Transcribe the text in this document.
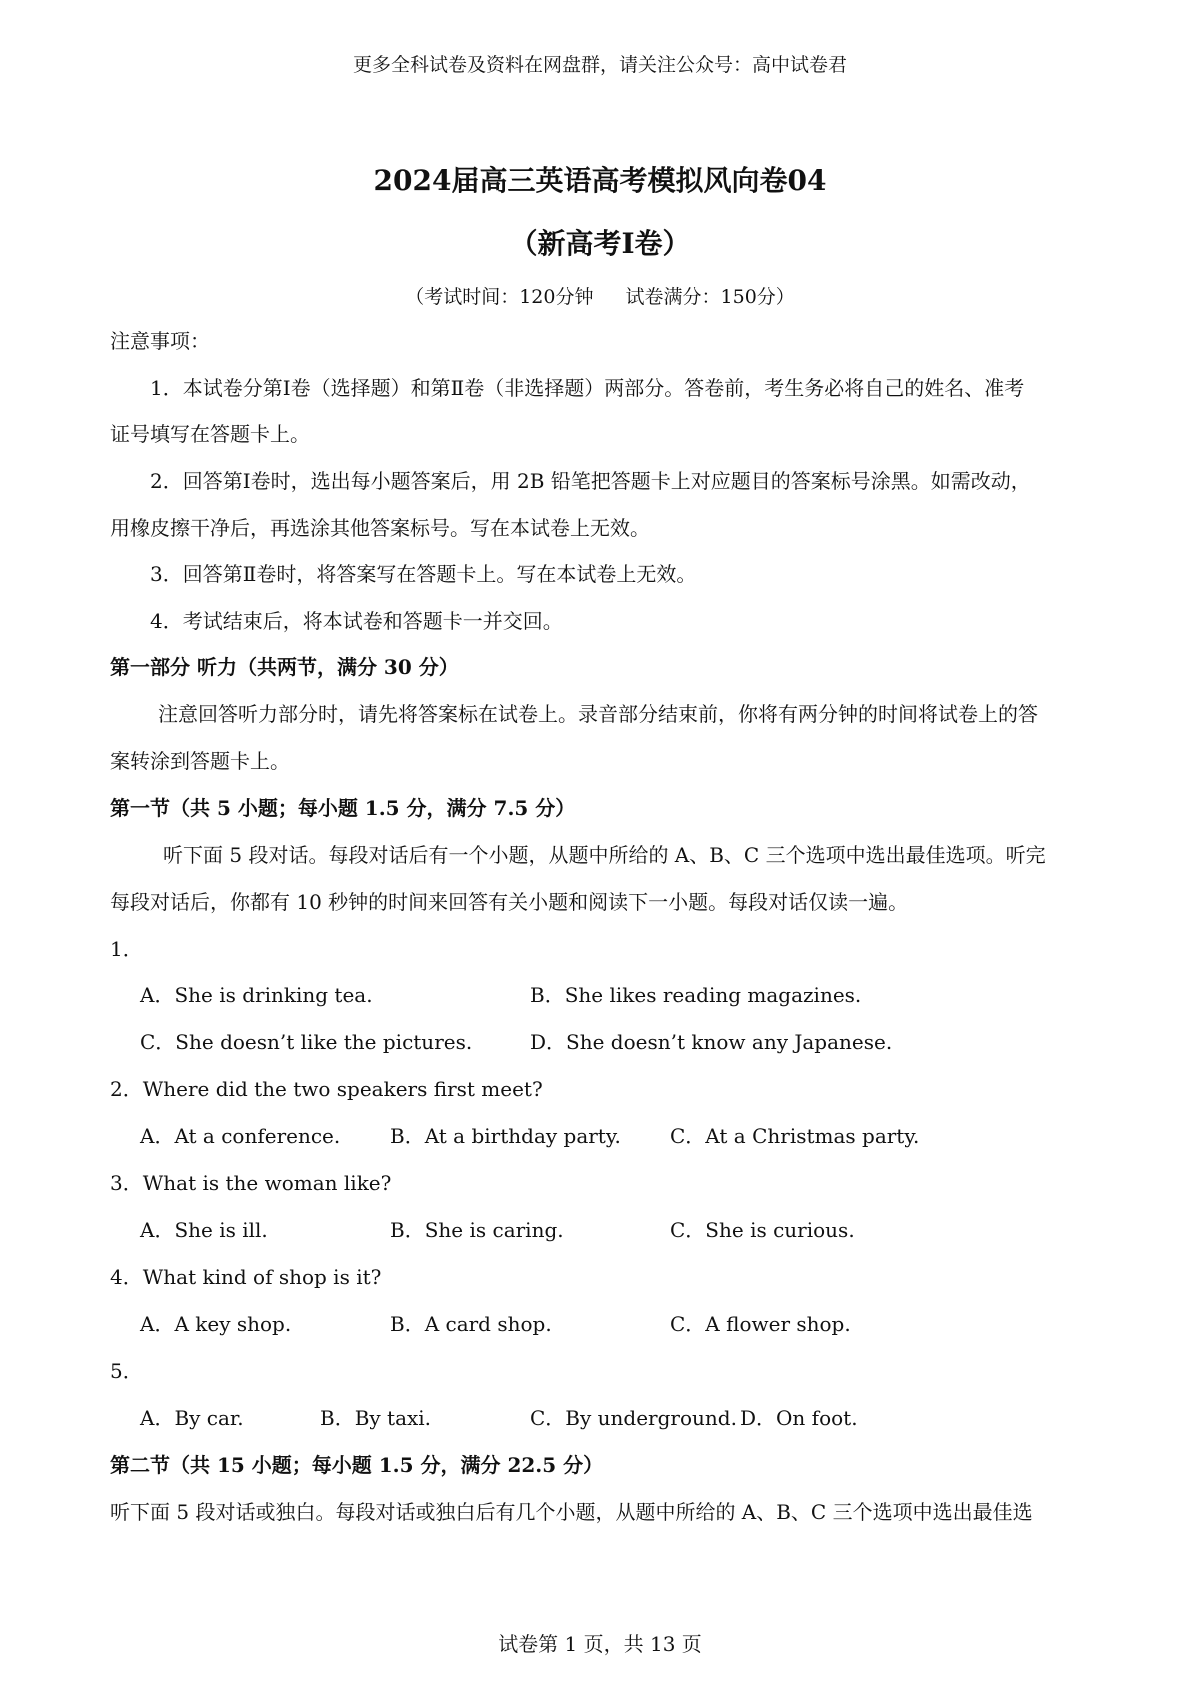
更多全科试卷及资料在网盘群，请关注公众号：高中试卷君
2024届高三英语高考模拟风向卷04
（新高考I卷）
（考试时间：120分钟 试卷满分：150分）
注意事项：
1．本试卷分第Ⅰ卷（选择题）和第Ⅱ卷（非选择题）两部分。答卷前，考生务必将自己的姓名、准考
证号填写在答题卡上。
2．回答第Ⅰ卷时，选出每小题答案后，用 2B 铅笔把答题卡上对应题目的答案标号涂黑。如需改动，
用橡皮擦干净后，再选涂其他答案标号。写在本试卷上无效。
3．回答第Ⅱ卷时，将答案写在答题卡上。写在本试卷上无效。
4．考试结束后，将本试卷和答题卡一并交回。
第一部分 听力（共两节，满分 30 分）
注意回答听力部分时，请先将答案标在试卷上。录音部分结束前，你将有两分钟的时间将试卷上的答
案转涂到答题卡上。
第一节（共 5 小题；每小题 1.5 分，满分 7.5 分）
听下面 5 段对话。每段对话后有一个小题，从题中所给的 A、B、C 三个选项中选出最佳选项。听完
每段对话后，你都有 10 秒钟的时间来回答有关小题和阅读下一小题。每段对话仅读一遍。
1．
A．She is drinking tea.	B．She likes reading magazines.
C．She doesn’t like the pictures.	D．She doesn’t know any Japanese.
2．Where did the two speakers first meet?
A．At a conference. B．At a birthday party. C．At a Christmas party.
3．What is the woman like?
A．She is ill.	B．She is caring.	C．She is curious.
4．What kind of shop is it?
A．A key shop.	B．A card shop.	C．A flower shop.
5．
A．By car.	B．By taxi.	C．By underground. D．On foot.
第二节（共 15 小题；每小题 1.5 分，满分 22.5 分）
听下面 5 段对话或独白。每段对话或独白后有几个小题，从题中所给的 A、B、C 三个选项中选出最佳选
试卷第 1 页，共 13 页
